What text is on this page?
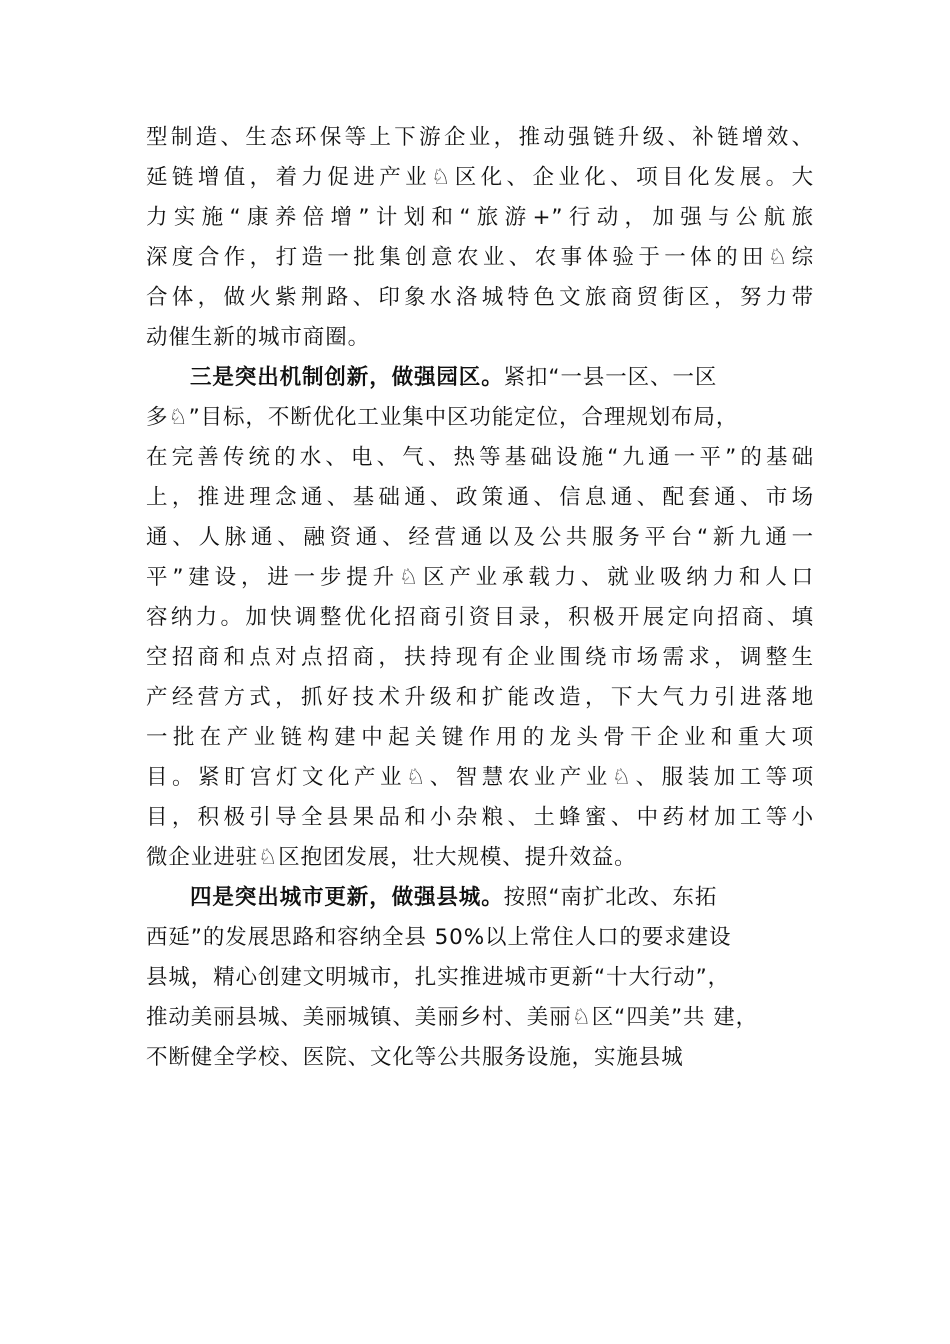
型制造、生态环保等上下游企业，推动强链升级、补链增效、
延链增值，着力促进产业♘区化、企业化、项目化发展。大
力实施“康养倍增”计划和“旅游+”行动，加强与公航旅
深度合作，打造一批集创意农业、农事体验于一体的田♘综
合体，做火紫荆路、印象水洛城特色文旅商贸街区，努力带
动催生新的城市商圈。
三是突出机制创新，做强园区。紧扣“一县一区、一区
多♘”目标，不断优化工业集中区功能定位，合理规划布局，
在完善传统的水、电、气、热等基础设施“九通一平”的基础
上，推进理念通、基础通、政策通、信息通、配套通、市场
通、人脉通、融资通、经营通以及公共服务平台“新九通一
平”建设，进一步提升♘区产业承载力、就业吸纳力和人口
容纳力。加快调整优化招商引资目录，积极开展定向招商、填
空招商和点对点招商，扶持现有企业围绕市场需求，调整生
产经营方式，抓好技术升级和扩能改造，下大气力引进落地
一批在产业链构建中起关键作用的龙头骨干企业和重大项
目。紧盯宫灯文化产业♘、智慧农业产业♘、服装加工等项
目，积极引导全县果品和小杂粮、土蜂蜜、中药材加工等小
微企业进驻♘区抱团发展，壮大规模、提升效益。
四是突出城市更新，做强县城。按照“南扩北改、东拓
西延”的发展思路和容纳全县 50%以上常住人口的要求建设
县城，精心创建文明城市，扎实推进城市更新“十大行动”，
推动美丽县城、美丽城镇、美丽乡村、美丽♘区“四美”共 建，
不断健全学校、医院、文化等公共服务设施，实施县城
